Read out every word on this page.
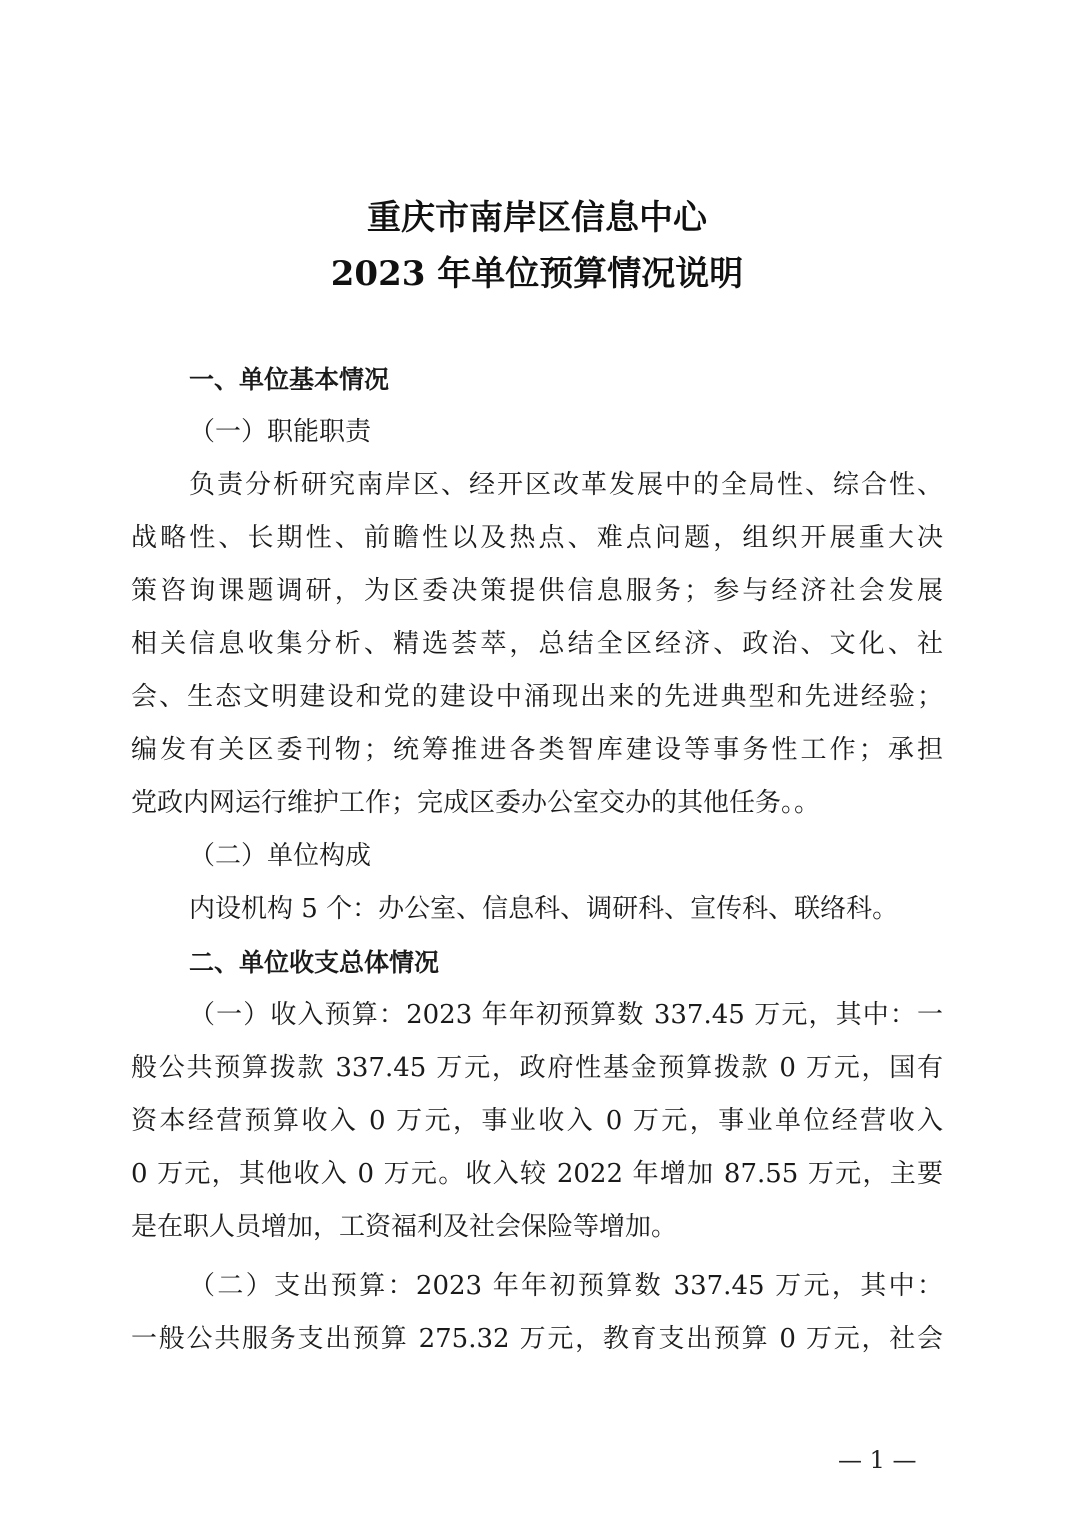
重庆市南岸区信息中心
2023 年单位预算情况说明
一、单位基本情况
（一）职能职责
负责分析研究南岸区、经开区改革发展中的全局性、综合性、
战略性、长期性、前瞻性以及热点、难点问题，组织开展重大决
策咨询课题调研，为区委决策提供信息服务；参与经济社会发展
相关信息收集分析、精选荟萃，总结全区经济、政治、文化、社
会、生态文明建设和党的建设中涌现出来的先进典型和先进经验；
编发有关区委刊物；统筹推进各类智库建设等事务性工作；承担
党政内网运行维护工作；完成区委办公室交办的其他任务。。
（二）单位构成
内设机构 5 个：办公室、信息科、调研科、宣传科、联络科。
二、单位收支总体情况
（一）收入预算：2023 年年初预算数 337.45 万元，其中：一
般公共预算拨款 337.45 万元，政府性基金预算拨款 0 万元，国有
资本经营预算收入 0 万元，事业收入 0 万元，事业单位经营收入
0 万元，其他收入 0 万元。收入较 2022 年增加 87.55 万元，主要
是在职人员增加，工资福利及社会保险等增加。
（二）支出预算：2023 年年初预算数 337.45 万元，其中：
一般公共服务支出预算 275.32 万元，教育支出预算 0 万元，社会
— 1 —
